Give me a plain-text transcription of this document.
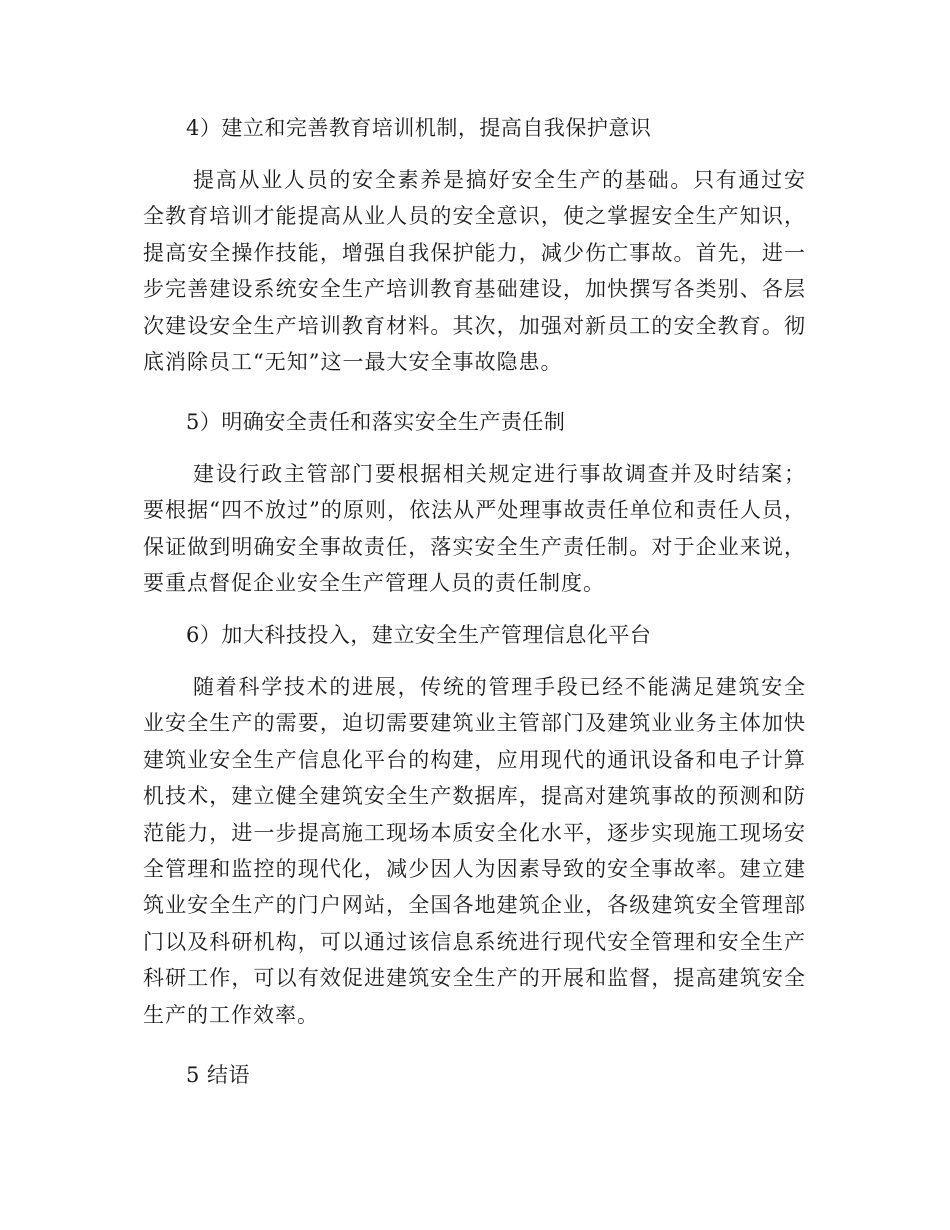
4）建立和完善教育培训机制，提高自我保护意识

提高从业人员的安全素养是搞好安全生产的基础。只有通过安全教育培训才能提高从业人员的安全意识，使之掌握安全生产知识，提高安全操作技能，增强自我保护能力，减少伤亡事故。首先，进一步完善建设系统安全生产培训教育基础建设，加快撰写各类别、各层次建设安全生产培训教育材料。其次，加强对新员工的安全教育。彻底消除员工“无知”这一最大安全事故隐患。

5）明确安全责任和落实安全生产责任制

建设行政主管部门要根据相关规定进行事故调查并及时结案；要根据“四不放过”的原则，依法从严处理事故责任单位和责任人员，保证做到明确安全事故责任，落实安全生产责任制。对于企业来说，要重点督促企业安全生产管理人员的责任制度。

6）加大科技投入，建立安全生产管理信息化平台

随着科学技术的进展，传统的管理手段已经不能满足建筑安全业安全生产的需要，迫切需要建筑业主管部门及建筑业业务主体加快建筑业安全生产信息化平台的构建，应用现代的通讯设备和电子计算机技术，建立健全建筑安全生产数据库，提高对建筑事故的预测和防范能力，进一步提高施工现场本质安全化水平，逐步实现施工现场安全管理和监控的现代化，减少因人为因素导致的安全事故率。建立建筑业安全生产的门户网站，全国各地建筑企业，各级建筑安全管理部门以及科研机构，可以通过该信息系统进行现代安全管理和安全生产科研工作，可以有效促进建筑安全生产的开展和监督，提高建筑安全生产的工作效率。

5 结语
